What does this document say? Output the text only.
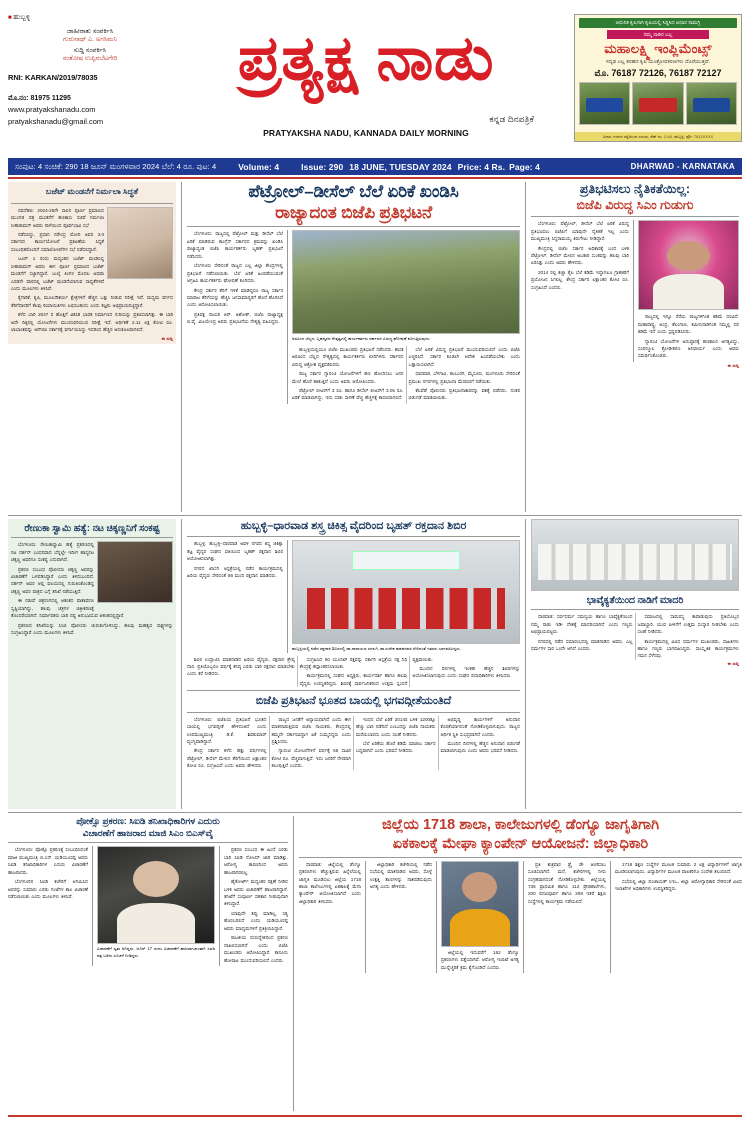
■ ಹುಬ್ಬಳ್ಳಿ
ಜಾಹೀರಾತು ಸಂಪರ್ಕಿಸಿ
ಗುರುನಾಥ್ ಎ. ಅಗಸಿಮನಿ
ಸುದ್ದಿ ಸಂಪರ್ಕಿಸಿ
ಸಂತೋಷ ಉಪ್ಪಿನಬೆಟಗೇರಿ
RNI: KARKAN/2019/78035
ಮೊ.ನಂ: 81975 11295
www.pratyakshanadu.com
pratyakshanadu@gmail.com
ಪ್ರತ್ಯಕ್ಷ ನಾಡು
ಕನ್ನಡ ದಿನಪತ್ರಿಕೆ
PRATYAKSHA NADU, KANNADA DAILY MORNING
ಆಧುನಿಕ ಕೃಷಿಗಾಗಿ ಕೃಷಿಯಲ್ಲಿ ಸಿದ್ಧಿಸಿದ ಆಧಾರ ಸಾಮಗ್ರಿ
ನಮ್ಮ ನಾಡಿನ ಬಲ್ಲ
ಮಹಾಲಕ್ಷ್ಮಿ ಇಂಪ್ಲಿಮೆಂಟ್ಸ್
ಸದೃಢ ಎಲ್ಲ ತರಹದ ಕೃಷಿ ಯಂತ್ರೋಪಕರಣಗಳು ದೊರೆಯುತ್ತವೆ.
ಮೊ. 76187 72126, 76187 72127
ವಿಳಾಸ: ಗದಗದ ರಸ್ತೆಯಿಂದ ಎದುರು, ಶೆಡ್ ನಂ. 2-64, ಹುಬ್ಬಳ್ಳಿ, ಫೋ: 7611XXXX
ಸಂಪುಟ: 4 ಸಂಚಿಕೆ: 290 18 ಜೂನ್ ಮಂಗಳವಾರ 2024 ಬೆಲೆ: 4 ರೂ. ಪುಟ: 4	Volume: 4	Issue: 290 18 JUNE, TUESDAY 2024 Price: 4 Rs. Page: 4	DHARWAD - KARNATAKA
ಬಜೆಟ್ ಮಂಡನೆಗೆ ನಿರ್ಮಲಾ ಸಿದ್ಧತೆ

ನವದೆಹಲಿ: 2024-25ನೇ ಸಾಲಿನ ಪೂರ್ಣ ಪ್ರಮಾಣದ ಮುಂಗಡ ಪತ್ರ ಮಂಡನೆಗೆ ಹಣಕಾಸು ಸಚಿವೆ ನಿರ್ಮಲಾ ಸೀತಾರಾಮನ್ ಅವರು ನಾಳೆಯಿಂದ ಪೂರ್ವಭಾವಿ ಸಭೆ

ನಡೆಸಲಿದ್ದು, ಪ್ರಧಾನಿ ನರೇಂದ್ರ ಮೋದಿ ಅವರ 3.0 ಸರ್ಕಾರದ ಕಾರ್ಯಯೋಜನೆ ಪ್ರಕಟಣೆಯ ಸಿದ್ಧತೆ ಸಂಬಂಧಿತರೊಂದಿಗೆ ಸಮಾಲೋಚನೆಗಳ ಸಭೆ ನಡೆಸಲಿದ್ದಾರೆ.

ಜೂನ್ 1 ರಂದು ಮಧ್ಯಂತರ ಬಜೆಟ್ ಮಂಡಿಸಿದ್ದ ಸೀತಾರಾಮನ್ ಅವರು ಈಗ ಪೂರ್ಣ ಪ್ರಮಾಣದ ಬಜೆಟ್ ಮಂಡನೆಗೆ ಸಜ್ಜಾಗಿದ್ದಾರೆ. ಜುಲೈ ತಿಂಗಳ ಮೊದಲ ಅಥವಾ ಎರಡನೇ ವಾರದಲ್ಲಿ ಬಜೆಟ್ ಮಂಡನೆಯಾಗುವ ಸಾಧ್ಯತೆಗಳಿವೆ ಎಂದು ಮೂಲಗಳು ತಿಳಿಸಿವೆ.

ಕೈಗಾರಿಕೆ, ಕೃಷಿ, ಮೂಲಸೌಕರ್ಯ ಕ್ಷೇತ್ರಗಳಿಗೆ ಹೆಚ್ಚಿನ ಒತ್ತು ನೀಡುವ ನಿರೀಕ್ಷೆ ಇದೆ. ಮಧ್ಯಮ ವರ್ಗದ ತೆರಿಗೆದಾರರಿಗೆ ಕೆಲವು ರಿಯಾಯಿತಿಗಳು ಲಭಿಸಬಹುದು ಎಂದು ತಜ್ಞರು ಅಭಿಪ್ರಾಯಪಟ್ಟಿದ್ದಾರೆ.

ಕಳೆದ ಬಾರಿ 2047 ರ ಹೊತ್ತಿಗೆ ವಿಕಸಿತ ಭಾರತ ನಿರ್ಮಾಣದ ಗುರಿಯನ್ನು ಪ್ರಕಟಿಸಲಾಗಿತ್ತು. ಈ ಬಾರಿ ಅದೇ ದಿಕ್ಕಿನಲ್ಲಿ ಯೋಜನೆಗಳು ಮುಂದುವರಿಯುವ ನಿರೀಕ್ಷೆ ಇದೆ. ಆರ್ಥಿಕತೆ 2.11 ಲಕ್ಷ ಕೋಟಿ ರೂ. ಲಾಭಾಂಶವನ್ನು ಆರ್‌ಬಿಐ ಸರ್ಕಾರಕ್ಕೆ ವರ್ಗಾಯಿಸಿದ್ದು ಇದರಿಂದ ಹೆಚ್ಚಿನ ಅನುಕೂಲವಾಗಲಿದೆ.

ಈ ಸುದ್ದಿ
ಪೆಟ್ರೋಲ್–ಡೀಸೆಲ್ ಬೆಲೆ ಏರಿಕೆ ಖಂಡಿಸಿ
ರಾಜ್ಯಾದಂತ ಬಿಜೆಪಿ ಪ್ರತಿಭಟನೆ

ಬೆಂಗಳೂರು: ರಾಜ್ಯದಲ್ಲಿ ಪೆಟ್ರೋಲ್ ಮತ್ತು ಡೀಸೆಲ್ ಬೆಲೆ ಏರಿಕೆ ಮಾಡಿರುವ ಕಾಂಗ್ರೆಸ್ ಸರ್ಕಾರದ ಕ್ರಮವನ್ನು ಖಂಡಿಸಿ ರಾಜ್ಯಾದ್ಯಂತ ಬಿಜೆಪಿ ಕಾರ್ಯಕರ್ತರು ಬೃಹತ್ ಪ್ರತಿಭಟನೆ ನಡೆಸಿದರು.

ಬೆಂಗಳೂರು ಸೇರಿದಂತೆ ರಾಜ್ಯದ ಎಲ್ಲ ಜಿಲ್ಲಾ ಕೇಂದ್ರಗಳಲ್ಲಿ ಪ್ರತಿಭಟನೆ ನಡೆಸಲಾಯಿತು. ಬೆಲೆ ಏರಿಕೆ ಹಿಂಪಡೆಯುವಂತೆ ಆಗ್ರಹಿಸಿ ಕಾರ್ಯಕರ್ತರು ಘೋಷಣೆ ಕೂಗಿದರು.

ಕೇಂದ್ರ ಸರ್ಕಾರ ತೆರಿಗೆ ಇಳಿಕೆ ಮಾಡಿದ್ದರೂ ರಾಜ್ಯ ಸರ್ಕಾರ ಮಾರಾಟ ತೆರಿಗೆಯನ್ನು ಹೆಚ್ಚಿಸಿ ಜನಸಾಮಾನ್ಯರಿಗೆ ಹೊರೆ ಹೊರಿಸಿದೆ ಎಂದು ಆರೋಪಿಸಲಾಯಿತು.

ಪ್ರತಿಪಕ್ಷ ನಾಯಕ ಆರ್. ಅಶೋಕ್, ಬಿಜೆಪಿ ರಾಜ್ಯಾಧ್ಯಕ್ಷ ಬಿ.ವೈ. ವಿಜಯೇಂದ್ರ ಅವರು ಪ್ರತಿಭಟನೆಯ ನೇತೃತ್ವ ವಹಿಸಿದ್ದರು.

ಅರವಿಂದ ಬೆಲ್ಲದ, ಬೃಹನ್ಮಠದ ನೇತೃತ್ವದಲ್ಲಿ ಕಾರ್ಯಕರ್ತರು ಸರ್ಕಾರದ ವಿರುದ್ಧ ಘೋಷಣೆ ಕೂಗುತ್ತಿರುವುದು.

ಹುಬ್ಬಳ್ಳಿಯಲ್ಲಿಯೂ ಬಿಜೆಪಿ ಮುಖಂಡರು ಪ್ರತಿಭಟನೆ ನಡೆಸಿದರು. ಶಾಸಕ ಅರವಿಂದ ಬೆಲ್ಲದ ನೇತೃತ್ವದಲ್ಲಿ ಕಾರ್ಯಕರ್ತರು ಬೀದಿಗಿಳಿದು ಸರ್ಕಾರದ ವಿರುದ್ಧ ಆಕ್ರೋಶ ವ್ಯಕ್ತಪಡಿಸಿದರು.

ರಾಜ್ಯ ಸರ್ಕಾರ ಗ್ಯಾರಂಟಿ ಯೋಜನೆಗಳಿಗೆ ಹಣ ಹೊಂದಿಸಲು ಜನರ ಮೇಲೆ ಹೊರೆ ಹಾಕುತ್ತಿದೆ ಎಂದು ಅವರು ಆರೋಪಿಸಿದರು.

ಪೆಟ್ರೋಲ್ ಲೀಟರ್‌ಗೆ 3 ರೂ. ಹಾಗೂ ಡೀಸೆಲ್ ಲೀಟರ್‌ಗೆ 3.05 ರೂ. ಏರಿಕೆ ಮಾಡಲಾಗಿದ್ದು, ಇದು ಸರಕು ಸಾಗಣೆ ವೆಚ್ಚ ಹೆಚ್ಚಳಕ್ಕೆ ಕಾರಣವಾಗಲಿದೆ.

ಬೆಲೆ ಏರಿಕೆ ವಿರುದ್ಧ ಪ್ರತಿಭಟನೆ ಮುಂದುವರಿಯಲಿದೆ ಎಂದು ಬಿಜೆಪಿ ಎಚ್ಚರಿಸಿದೆ. ಸರ್ಕಾರ ಕೂಡಲೇ ಆದೇಶ ಹಿಂಪಡೆಯಬೇಕು ಎಂದು ಒತ್ತಾಯಿಸಲಾಗಿದೆ.

ಧಾರವಾಡ, ಬೆಳಗಾವಿ, ಕಲಬುರಗಿ, ಮೈಸೂರು, ಮಂಗಳೂರು ಸೇರಿದಂತೆ ಪ್ರಮುಖ ನಗರಗಳಲ್ಲಿ ಪ್ರತಿಭಟನಾ ಮೆರವಣಿಗೆ ನಡೆಯಿತು.

ಕೆಲವೆಡೆ ಪೊಲೀಸರು ಪ್ರತಿಭಟನಾಕಾರರನ್ನು ವಶಕ್ಕೆ ಪಡೆದರು. ನಂತರ ಬಿಡುಗಡೆ ಮಾಡಲಾಯಿತು.

ಪ್ರತಿಭಟಿಸಲು ನೈತಿಕತೆಯಿಲ್ಲ:
ಬಿಜೆಪಿ ವಿರುದ್ಧ ಸಿಎಂ ಗುಡುಗು

ಬೆಂಗಳೂರು: ಪೆಟ್ರೋಲ್, ಡೀಸೆಲ್ ಬೆಲೆ ಏರಿಕೆ ವಿರುದ್ಧ ಪ್ರತಿಭಟಿಸಲು ಬಿಜೆಪಿಗೆ ಯಾವುದೇ ನೈತಿಕತೆ ಇಲ್ಲ ಎಂದು ಮುಖ್ಯಮಂತ್ರಿ ಸಿದ್ದರಾಮಯ್ಯ ತಿರುಗೇಟು ನೀಡಿದ್ದಾರೆ.

ಕೇಂದ್ರದಲ್ಲಿ ಬಿಜೆಪಿ ಸರ್ಕಾರ ಅಧಿಕಾರಕ್ಕೆ ಬಂದ ಬಳಿಕ ಪೆಟ್ರೋಲ್, ಡೀಸೆಲ್ ಮೇಲಿನ ಅಬಕಾರಿ ಸುಂಕವನ್ನು ಹಲವು ಬಾರಿ ಏರಿಸಿತ್ತು ಎಂದು ಅವರು ಹೇಳಿದರು.

2014 ರಲ್ಲಿ ಕಚ್ಚಾ ತೈಲ ಬೆಲೆ ಕಡಿಮೆ ಇದ್ದಾಗಲೂ ಗ್ರಾಹಕರಿಗೆ ಪ್ರಯೋಜನ ಸಿಗಲಿಲ್ಲ. ಕೇಂದ್ರ ಸರ್ಕಾರ ಲಕ್ಷಾಂತರ ಕೋಟಿ ರೂ. ಸಂಗ್ರಹಿಸಿದೆ ಎಂದರು.

ರಾಜ್ಯದಲ್ಲಿ ಇನ್ನೂ ನೆರೆಯ ರಾಜ್ಯಗಳಿಗಿಂತ ಕಡಿಮೆ ದರವಿದೆ. ಮಹಾರಾಷ್ಟ್ರ, ಆಂಧ್ರ, ತೆಲಂಗಾಣ, ತಮಿಳುನಾಡಿಗಿಂತ ನಮ್ಮಲ್ಲಿ ದರ ಕಡಿಮೆ ಇದೆ ಎಂದು ಸ್ಪಷ್ಟಪಡಿಸಿದರು.

ಗ್ಯಾರಂಟಿ ಯೋಜನೆಗಳ ಅನುಷ್ಠಾನಕ್ಕೆ ಹಣಕಾಸಿನ ಅಗತ್ಯವಿದ್ದು, ಸಂಪನ್ಮೂಲ ಕ್ರೋಢೀಕರಣ ಅನಿವಾರ್ಯ ಎಂದು ಅವರು ಸಮರ್ಥಿಸಿಕೊಂಡರು.

ಈ ಸುದ್ದಿ
ರೇಣುಕಾ ಸ್ವಾಮಿ ಹತ್ಯೆ: ನಟ ಚಿಕ್ಕಣ್ಣನಿಗೆ ಸಂಕಷ್ಟ

ಬೆಂಗಳೂರು: ರೇಣುಕಾಸ್ವಾಮಿ ಹತ್ಯೆ ಪ್ರಕರಣದಲ್ಲಿ ನಟ ದರ್ಶನ್ ಬಂಧನವಾದ ಬೆನ್ನಲ್ಲೇ ಇದೀಗ ಹಾಸ್ಯನಟ ಚಿಕ್ಕಣ್ಣ ಅವರಿಗೂ ಸಂಕಷ್ಟ ಎದುರಾಗಿದೆ.

ಪ್ರಕರಣ ಸಂಬಂಧ ಪೊಲೀಸರು ಚಿಕ್ಕಣ್ಣ ಅವರನ್ನು ವಿಚಾರಣೆಗೆ ಒಳಪಡಿಸಿದ್ದಾರೆ ಎಂದು ತಿಳಿದುಬಂದಿದೆ. ದರ್ಶನ್ ಅವರ ಆಪ್ತ ವಲಯದಲ್ಲಿ ಗುರುತಿಸಿಕೊಂಡಿದ್ದ ಚಿಕ್ಕಣ್ಣ ಅವರ ಪಾತ್ರದ ಬಗ್ಗೆ ತನಿಖೆ ನಡೆಯುತ್ತಿದೆ.

ಈ ನಡುವೆ ಚಿತ್ರರಂಗದಲ್ಲಿ ಆತಂಕದ ವಾತಾವರಣ ಸೃಷ್ಟಿಯಾಗಿದ್ದು, ಹಲವು ಚಿತ್ರಗಳ ಚಿತ್ರೀಕರಣಕ್ಕೆ ತೊಂದರೆಯಾಗಿದೆ. ನಿರ್ಮಾಪಕರು ಭಾರಿ ನಷ್ಟ ಅನುಭವಿಸುವ ಆತಂಕದಲ್ಲಿದ್ದಾರೆ.

ಪ್ರಕರಣದ ತನಿಖೆಯನ್ನು ಸಿಸಿಬಿ ಪೊಲೀಸರು ಚುರುಕುಗೊಳಿಸಿದ್ದು, ಹಲವು ಮಹತ್ವದ ಸಾಕ್ಷ್ಯಗಳನ್ನು ಸಂಗ್ರಹಿಸಿದ್ದಾರೆ ಎಂದು ಮೂಲಗಳು ತಿಳಿಸಿವೆ.

ಹುಬ್ಬಳ್ಳಿ–ಧಾರವಾಡ ಶಸ್ತ್ರ ಚಿಕಿತ್ಸ ವೈದರಿಂದ ಬೃಹತ್ ರಕ್ತದಾನ ಶಿಬಿರ

ಹುಬ್ಬಳ್ಳಿ: ಹುಬ್ಬಳ್ಳಿ–ಧಾರವಾಡ ಅವಳಿ ನಗರದ ಶಸ್ತ್ರ ಚಿಕಿತ್ಸಾ ತಜ್ಞ ವೈದ್ಯರ ಸಂಘದ ವತಿಯಿಂದ ಬೃಹತ್ ರಕ್ತದಾನ ಶಿಬಿರ ಆಯೋಜಿಸಲಾಗಿತ್ತು.

ನಗರದ ಖಾಸಗಿ ಆಸ್ಪತ್ರೆಯಲ್ಲಿ ನಡೆದ ಕಾರ್ಯಕ್ರಮದಲ್ಲಿ ಹಿರಿಯ ವೈದ್ಯರು ಸೇರಿದಂತೆ 86 ಮಂದಿ ರಕ್ತದಾನ ಮಾಡಿದರು.

ಹುಬ್ಬಳ್ಳಿಯಲ್ಲಿ ನಡೆದ ರಕ್ತದಾನ ಶಿಬಿರದಲ್ಲಿ ಡಾ.ನಾರಾಯಣ ಸದಲಗಿ, ಡಾ.ಸುರೇಶ ಹಡಪದವರ ಸೇರಿದಂತೆ ಇತರರು ಭಾಗವಹಿಸಿದ್ದರು.

ಶಿಬಿರ ಉದ್ಘಾಟಿಸಿ ಮಾತನಾಡಿದ ಹಿರಿಯ ವೈದ್ಯರು, ರಕ್ತದಾನ ಶ್ರೇಷ್ಠ ದಾನ. ಪ್ರತಿಯೊಬ್ಬರೂ ವರ್ಷಕ್ಕೆ ಕನಿಷ್ಠ ಎರಡು ಬಾರಿ ರಕ್ತದಾನ ಮಾಡಬೇಕು ಎಂದು ಕರೆ ನೀಡಿದರು.

ಸಂಗ್ರಹಿಸಿದ 60 ಯೂನಿಟ್ ರಕ್ತವನ್ನು ಸರ್ಕಾರಿ ಆಸ್ಪತ್ರೆಯ ರಕ್ತ ನಿಧಿ ಕೇಂದ್ರಕ್ಕೆ ಹಸ್ತಾಂತರಿಸಲಾಯಿತು.

ಕಾರ್ಯಕ್ರಮದಲ್ಲಿ ಸಂಘದ ಅಧ್ಯಕ್ಷರು, ಕಾರ್ಯದರ್ಶಿ ಹಾಗೂ ಹಲವು ವೈದ್ಯರು ಉಪಸ್ಥಿತರಿದ್ದರು. ಶಿಬಿರಕ್ಕೆ ಸಾರ್ವಜನಿಕರಿಂದ ಉತ್ತಮ ಸ್ಪಂದನೆ ವ್ಯಕ್ತವಾಯಿತು.

ಮುಂದಿನ ದಿನಗಳಲ್ಲಿ ಇಂತಹ ಹೆಚ್ಚಿನ ಶಿಬಿರಗಳನ್ನು ಆಯೋಜಿಸಲಾಗುವುದು ಎಂದು ಸಂಘದ ಪದಾಧಿಕಾರಿಗಳು ತಿಳಿಸಿದರು.

ಬಿಜೆಪಿ ಪ್ರತಿಭಟನೆ ಭೂತದ ಬಾಯಲ್ಲಿ ಭಗವದ್ಗೀತೆಯಂತಿದೆ

ಬೆಂಗಳೂರು: ಬಿಜೆಪಿಯ ಪ್ರತಿಭಟನೆ ಭೂತದ ಬಾಯಲ್ಲಿ ಭಗವದ್ಗೀತೆ ಹೇಳಿದಂತಿದೆ ಎಂದು ಉಪಮುಖ್ಯಮಂತ್ರಿ ಡಿ.ಕೆ. ಶಿವಕುಮಾರ್ ವ್ಯಂಗ್ಯವಾಡಿದ್ದಾರೆ.

ಕೇಂದ್ರ ಸರ್ಕಾರ ಕಳೆದ ಹತ್ತು ವರ್ಷಗಳಲ್ಲಿ ಪೆಟ್ರೋಲ್, ಡೀಸೆಲ್ ಮೇಲಿನ ತೆರಿಗೆಯಿಂದ ಲಕ್ಷಾಂತರ ಕೋಟಿ ರೂ. ಸಂಗ್ರಹಿಸಿದೆ ಎಂದು ಅವರು ಹೇಳಿದರು.

ರಾಜ್ಯದ ಜನತೆಗೆ ಅನ್ಯಾಯವಾಗಿದೆ ಎಂದು ಈಗ ಮಾತನಾಡುತ್ತಿರುವ ಬಿಜೆಪಿ ನಾಯಕರು, ಕೇಂದ್ರದಲ್ಲಿ ತಮ್ಮದೇ ಸರ್ಕಾರವಿದ್ದಾಗ ಏಕೆ ಸುಮ್ಮನಿದ್ದರು ಎಂದು ಪ್ರಶ್ನಿಸಿದರು.

ಗ್ಯಾರಂಟಿ ಯೋಜನೆಗಳಿಗೆ ವರ್ಷಕ್ಕೆ 56 ಸಾವಿರ ಕೋಟಿ ರೂ. ವೆಚ್ಚವಾಗುತ್ತಿದೆ. ಇದು ಜನರಿಗೆ ನೇರವಾಗಿ ತಲುಪುತ್ತಿದೆ ಎಂದರು.

ಇಂಧನ ಬೆಲೆ ಏರಿಕೆ 2014ರ ಬಳಿಕ 1200ಕ್ಕೂ ಹೆಚ್ಚು ಬಾರಿ ನಡೆದಿದೆ ಎಂಬುದನ್ನು ಬಿಜೆಪಿ ನಾಯಕರು ಮರೆಯಬಾರದು ಎಂದು ಸಲಹೆ ನೀಡಿದರು.

ಬೆಲೆ ಏರಿಕೆಯ ಹೊರೆ ಕಡಿಮೆ ಮಾಡಲು ಸರ್ಕಾರ ಬದ್ಧವಾಗಿದೆ ಎಂದು ಭರವಸೆ ನೀಡಿದರು.

ಅಭಿವೃದ್ಧಿ ಕಾರ್ಯಗಳಿಗೆ ಅನುದಾನ ಕೊರತೆಯಾಗದಂತೆ ನೋಡಿಕೊಳ್ಳಲಾಗುವುದು. ರಾಜ್ಯದ ಆರ್ಥಿಕ ಸ್ಥಿತಿ ಸುಭದ್ರವಾಗಿದೆ ಎಂದರು.

ಮುಂದಿನ ದಿನಗಳಲ್ಲಿ ಹೆಚ್ಚಿನ ಅನುದಾನ ಬಿಡುಗಡೆ ಮಾಡಲಾಗುವುದು ಎಂದು ಅವರು ಭರವಸೆ ನೀಡಿದರು.

ಭಾವೈಕ್ಯತೆಯಿಂದ ನಾಡಿಗೆ ಮಾದರಿ

ಧಾರವಾಡ: ಸರ್ವಧರ್ಮ ಸಮನ್ವಯ ಹಾಗೂ ಭಾವೈಕ್ಯತೆಯಿಂದ ನಮ್ಮ ನಾಡು ಇಡೀ ದೇಶಕ್ಕೆ ಮಾದರಿಯಾಗಿದೆ ಎಂದು ಗಣ್ಯರು ಅಭಿಪ್ರಾಯಪಟ್ಟರು.

ನಗರದಲ್ಲಿ ನಡೆದ ಸಮಾರಂಭದಲ್ಲಿ ಮಾತನಾಡಿದ ಅವರು, ಎಲ್ಲ ಧರ್ಮಗಳ ಸಾರ ಒಂದೇ ಆಗಿದೆ ಎಂದರು.

ಸಮಾಜದಲ್ಲಿ ಸಾಮರಸ್ಯ ಕಾಪಾಡುವುದು ಪ್ರತಿಯೊಬ್ಬರ ಜವಾಬ್ದಾರಿ. ಯುವ ಪೀಳಿಗೆಗೆ ಉತ್ತಮ ಸಂಸ್ಕಾರ ನೀಡಬೇಕು ಎಂದು ಸಲಹೆ ನೀಡಿದರು.

ಕಾರ್ಯಕ್ರಮದಲ್ಲಿ ವಿವಿಧ ಧರ್ಮಗಳ ಮುಖಂಡರು, ಸಾಹಿತಿಗಳು ಹಾಗೂ ಗಣ್ಯರು ಭಾಗವಹಿಸಿದ್ದರು. ಸಾಂಸ್ಕೃತಿಕ ಕಾರ್ಯಕ್ರಮಗಳು ಗಮನ ಸೆಳೆದವು.

ಈ ಸುದ್ದಿ
ಪೋಕ್ಸೊ ಪ್ರಕರಣ: ಸಿಐಡಿ ತನಿಖಾಧಿಕಾರಿಗಳ ಎದುರು
ವಿಚಾರಣೆಗೆ ಹಾಜರಾದ ಮಾಜಿ ಸಿಎಂ ಬಿಎಸ್‌ವೈ

ಬೆಂಗಳೂರು: ಪೋಕ್ಸೊ ಪ್ರಕರಣಕ್ಕೆ ಸಂಬಂಧಿಸಿದಂತೆ ಮಾಜಿ ಮುಖ್ಯಮಂತ್ರಿ ಬಿ.ಎಸ್. ಯಡಿಯೂರಪ್ಪ ಅವರು ಸಿಐಡಿ ತನಿಖಾಧಿಕಾರಿಗಳ ಎದುರು ವಿಚಾರಣೆಗೆ ಹಾಜರಾದರು.

ಬೆಂಗಳೂರಿನ ಸಿಐಡಿ ಕಚೇರಿಗೆ ಆಗಮಿಸಿದ ಅವರನ್ನು ಸುಮಾರು ಎರಡು ಗಂಟೆಗಳ ಕಾಲ ವಿಚಾರಣೆ ನಡೆಸಲಾಯಿತು ಎಂದು ಮೂಲಗಳು ತಿಳಿಸಿವೆ.

ವಿಚಾರಣೆಗೆ ಸ್ವತಃ ಅಗಿದ್ದರು. ಜೂನ್ 17 ರಂದು ವಿಚಾರಣೆಗೆ ಹಾಜರಾಗುವಂತಾಗಿ ಸಿಐಡಿ ಪತ್ರ ಬರೆದು ಸೂಚನೆ ನೀಡಿದ್ದರು.

ಪ್ರಕರಣ ಸಂಬಂಧ ಈ ಹಿಂದೆ ಎರಡು ಬಾರಿ ಸಿಐಡಿ ನೋಟಿಸ್ ಜಾರಿ ಮಾಡಿತ್ತು. ಆರೋಗ್ಯ ಕಾರಣದಿಂದ ಅವರು ಹಾಜರಾಗಿರಲಿಲ್ಲ.

ಹೈಕೋರ್ಟ್ ಮಧ್ಯಂತರ ರಕ್ಷಣೆ ನೀಡಿದ ಬಳಿಕ ಅವರು ವಿಚಾರಣೆಗೆ ಹಾಜರಾಗಿದ್ದಾರೆ. ತನಿಖೆಗೆ ಸಂಪೂರ್ಣ ಸಹಕಾರ ನೀಡುವುದಾಗಿ ತಿಳಿಸಿದ್ದಾರೆ.

ಯಾವುದೇ ತಪ್ಪು ಮಾಡಿಲ್ಲ, ಸತ್ಯ ಹೊರಬರಲಿದೆ ಎಂದು ಯಡಿಯೂರಪ್ಪ ಅವರು ಮಾಧ್ಯಮಗಳಿಗೆ ಪ್ರತಿಕ್ರಿಯಿಸಿದ್ದಾರೆ.

ರಾಜಕೀಯ ದುರುದ್ದೇಶದಿಂದ ಪ್ರಕರಣ ದಾಖಲಿಸಲಾಗಿದೆ ಎಂದು ಬಿಜೆಪಿ ಮುಖಂಡರು ಆರೋಪಿಸಿದ್ದಾರೆ. ಕಾನೂನು ಹೋರಾಟ ಮುಂದುವರಿಯಲಿದೆ ಎಂದರು.

ಜಿಲ್ಲೆಯ 1718 ಶಾಲಾ, ಕಾಲೇಜುಗಳಲ್ಲಿ ಡೆಂಗ್ಯೂ ಜಾಗೃತಿಗಾಗಿ
ಏಕಕಾಲಕ್ಕೆ ಮೇಘಾ ಕ್ಯಾಂಪೇನ್ ಆಯೋಜನೆ: ಜಿಲ್ಲಾಧಿಕಾರಿ

ಧಾರವಾಡ: ಜಿಲ್ಲೆಯಲ್ಲಿ ಡೆಂಗ್ಯೂ ಪ್ರಕರಣಗಳು ಹೆಚ್ಚುತ್ತಿರುವ ಹಿನ್ನೆಲೆಯಲ್ಲಿ ಜಾಗೃತಿ ಮೂಡಿಸಲು ಜಿಲ್ಲೆಯ 1718 ಶಾಲಾ ಕಾಲೇಜುಗಳಲ್ಲಿ ಏಕಕಾಲಕ್ಕೆ ಮೆಗಾ ಕ್ಯಾಂಪೇನ್ ಆಯೋಜಿಸಲಾಗಿದೆ ಎಂದು ಜಿಲ್ಲಾಧಿಕಾರಿ ತಿಳಿಸಿದರು.

ಜಿಲ್ಲಾಧಿಕಾರಿ ಕಚೇರಿಯಲ್ಲಿ ನಡೆದ ಸಭೆಯಲ್ಲಿ ಮಾತನಾಡಿದ ಅವರು, ಸೊಳ್ಳೆ ಉತ್ಪತ್ತಿ ತಾಣಗಳನ್ನು ನಾಶಪಡಿಸುವುದು ಅಗತ್ಯ ಎಂದು ಹೇಳಿದರು.

ಜಿಲ್ಲೆಯಲ್ಲಿ ಇದುವರೆಗೆ 162 ಡೆಂಗ್ಯೂ ಪ್ರಕರಣಗಳು ಪತ್ತೆಯಾಗಿವೆ. ಆರೋಗ್ಯ ಇಲಾಖೆ ಅಗತ್ಯ ಮುನ್ನೆಚ್ಚರಿಕೆ ಕ್ರಮ ಕೈಗೊಂಡಿದೆ ಎಂದರು.

ಪ್ರತಿ ಶುಕ್ರವಾರ ಡ್ರೈ ಡೇ ಆಚರಿಸಲು ಸೂಚಿಸಲಾಗಿದೆ. ಮನೆ, ಕಚೇರಿಗಳಲ್ಲಿ ನೀರು ಸಂಗ್ರಹವಾಗದಂತೆ ನೋಡಿಕೊಳ್ಳಬೇಕು. ಜಿಲ್ಲೆಯಲ್ಲಿ 735 ಪ್ರಾಥಮಿಕ ಹಾಗೂ 112 ಪ್ರೌಢಶಾಲೆಗಳು, 200 ಪದವಿಪೂರ್ವ ಹಾಗೂ 208 ಇತರೆ ಶಿಕ್ಷಣ ಸಂಸ್ಥೆಗಳಲ್ಲಿ ಕಾರ್ಯಕ್ರಮ ನಡೆಯಲಿದೆ.

1718 ಶಿಕ್ಷಣ ಸಂಸ್ಥೆಗಳ ಮೂಲಕ ಸುಮಾರು 2 ಲಕ್ಷ ವಿದ್ಯಾರ್ಥಿಗಳಿಗೆ ಜಾಗೃತಿ ಮೂಡಿಸಲಾಗುವುದು. ವಿದ್ಯಾರ್ಥಿಗಳ ಮೂಲಕ ಪಾಲಕರಿಗೂ ಸಂದೇಶ ತಲುಪಲಿದೆ.

ಸಭೆಯಲ್ಲಿ ಜಿಲ್ಲಾ ಪಂಚಾಯತ್ ಸಿಇಒ, ಜಿಲ್ಲಾ ಆರೋಗ್ಯಾಧಿಕಾರಿ ಸೇರಿದಂತೆ ವಿವಿಧ ಇಲಾಖೆಗಳ ಅಧಿಕಾರಿಗಳು ಉಪಸ್ಥಿತರಿದ್ದರು.
